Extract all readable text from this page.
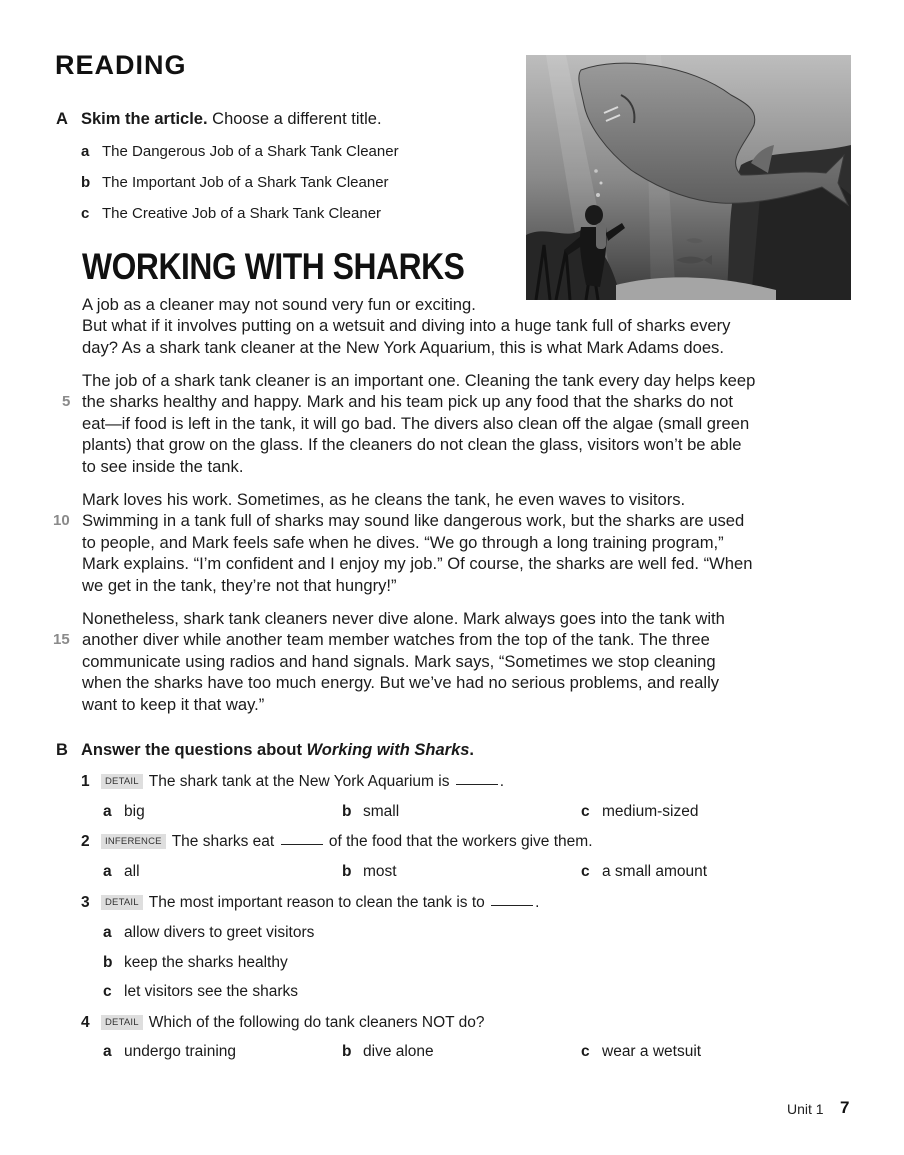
READING
A Skim the article. Choose a different title.
a The Dangerous Job of a Shark Tank Cleaner
b The Important Job of a Shark Tank Cleaner
c The Creative Job of a Shark Tank Cleaner
WORKING WITH SHARKS
A job as a cleaner may not sound very fun or exciting.
But what if it involves putting on a wetsuit and diving into a huge tank full of sharks every
day? As a shark tank cleaner at the New York Aquarium, this is what Mark Adams does.
The job of a shark tank cleaner is an important one. Cleaning the tank every day helps keep
the sharks healthy and happy. Mark and his team pick up any food that the sharks do not
eat—if food is left in the tank, it will go bad. The divers also clean off the algae (small green
plants) that grow on the glass. If the cleaners do not clean the glass, visitors won’t be able
to see inside the tank.
5
Mark loves his work. Sometimes, as he cleans the tank, he even waves to visitors.
Swimming in a tank full of sharks may sound like dangerous work, but the sharks are used
to people, and Mark feels safe when he dives. “We go through a long training program,”
Mark explains. “I’m confident and I enjoy my job.” Of course, the sharks are well fed. “When
we get in the tank, they’re not that hungry!”
10
Nonetheless, shark tank cleaners never dive alone. Mark always goes into the tank with
another diver while another team member watches from the top of the tank. The three
communicate using radios and hand signals. Mark says, “Sometimes we stop cleaning
when the sharks have too much energy. But we’ve had no serious problems, and really
want to keep it that way.”
15
B Answer the questions about Working with Sharks.
1 DETAIL The shark tank at the New York Aquarium is	.
a big	b small	c medium-sized
2 INFERENCE The sharks eat	of the food that the workers give them.
a all	b most	c a small amount
3 DETAIL The most important reason to clean the tank is to	.
a allow divers to greet visitors
b keep the sharks healthy
c let visitors see the sharks
4 DETAIL Which of the following do tank cleaners NOT do?
a undergo training	b dive alone	c wear a wetsuit
Unit 1 7
